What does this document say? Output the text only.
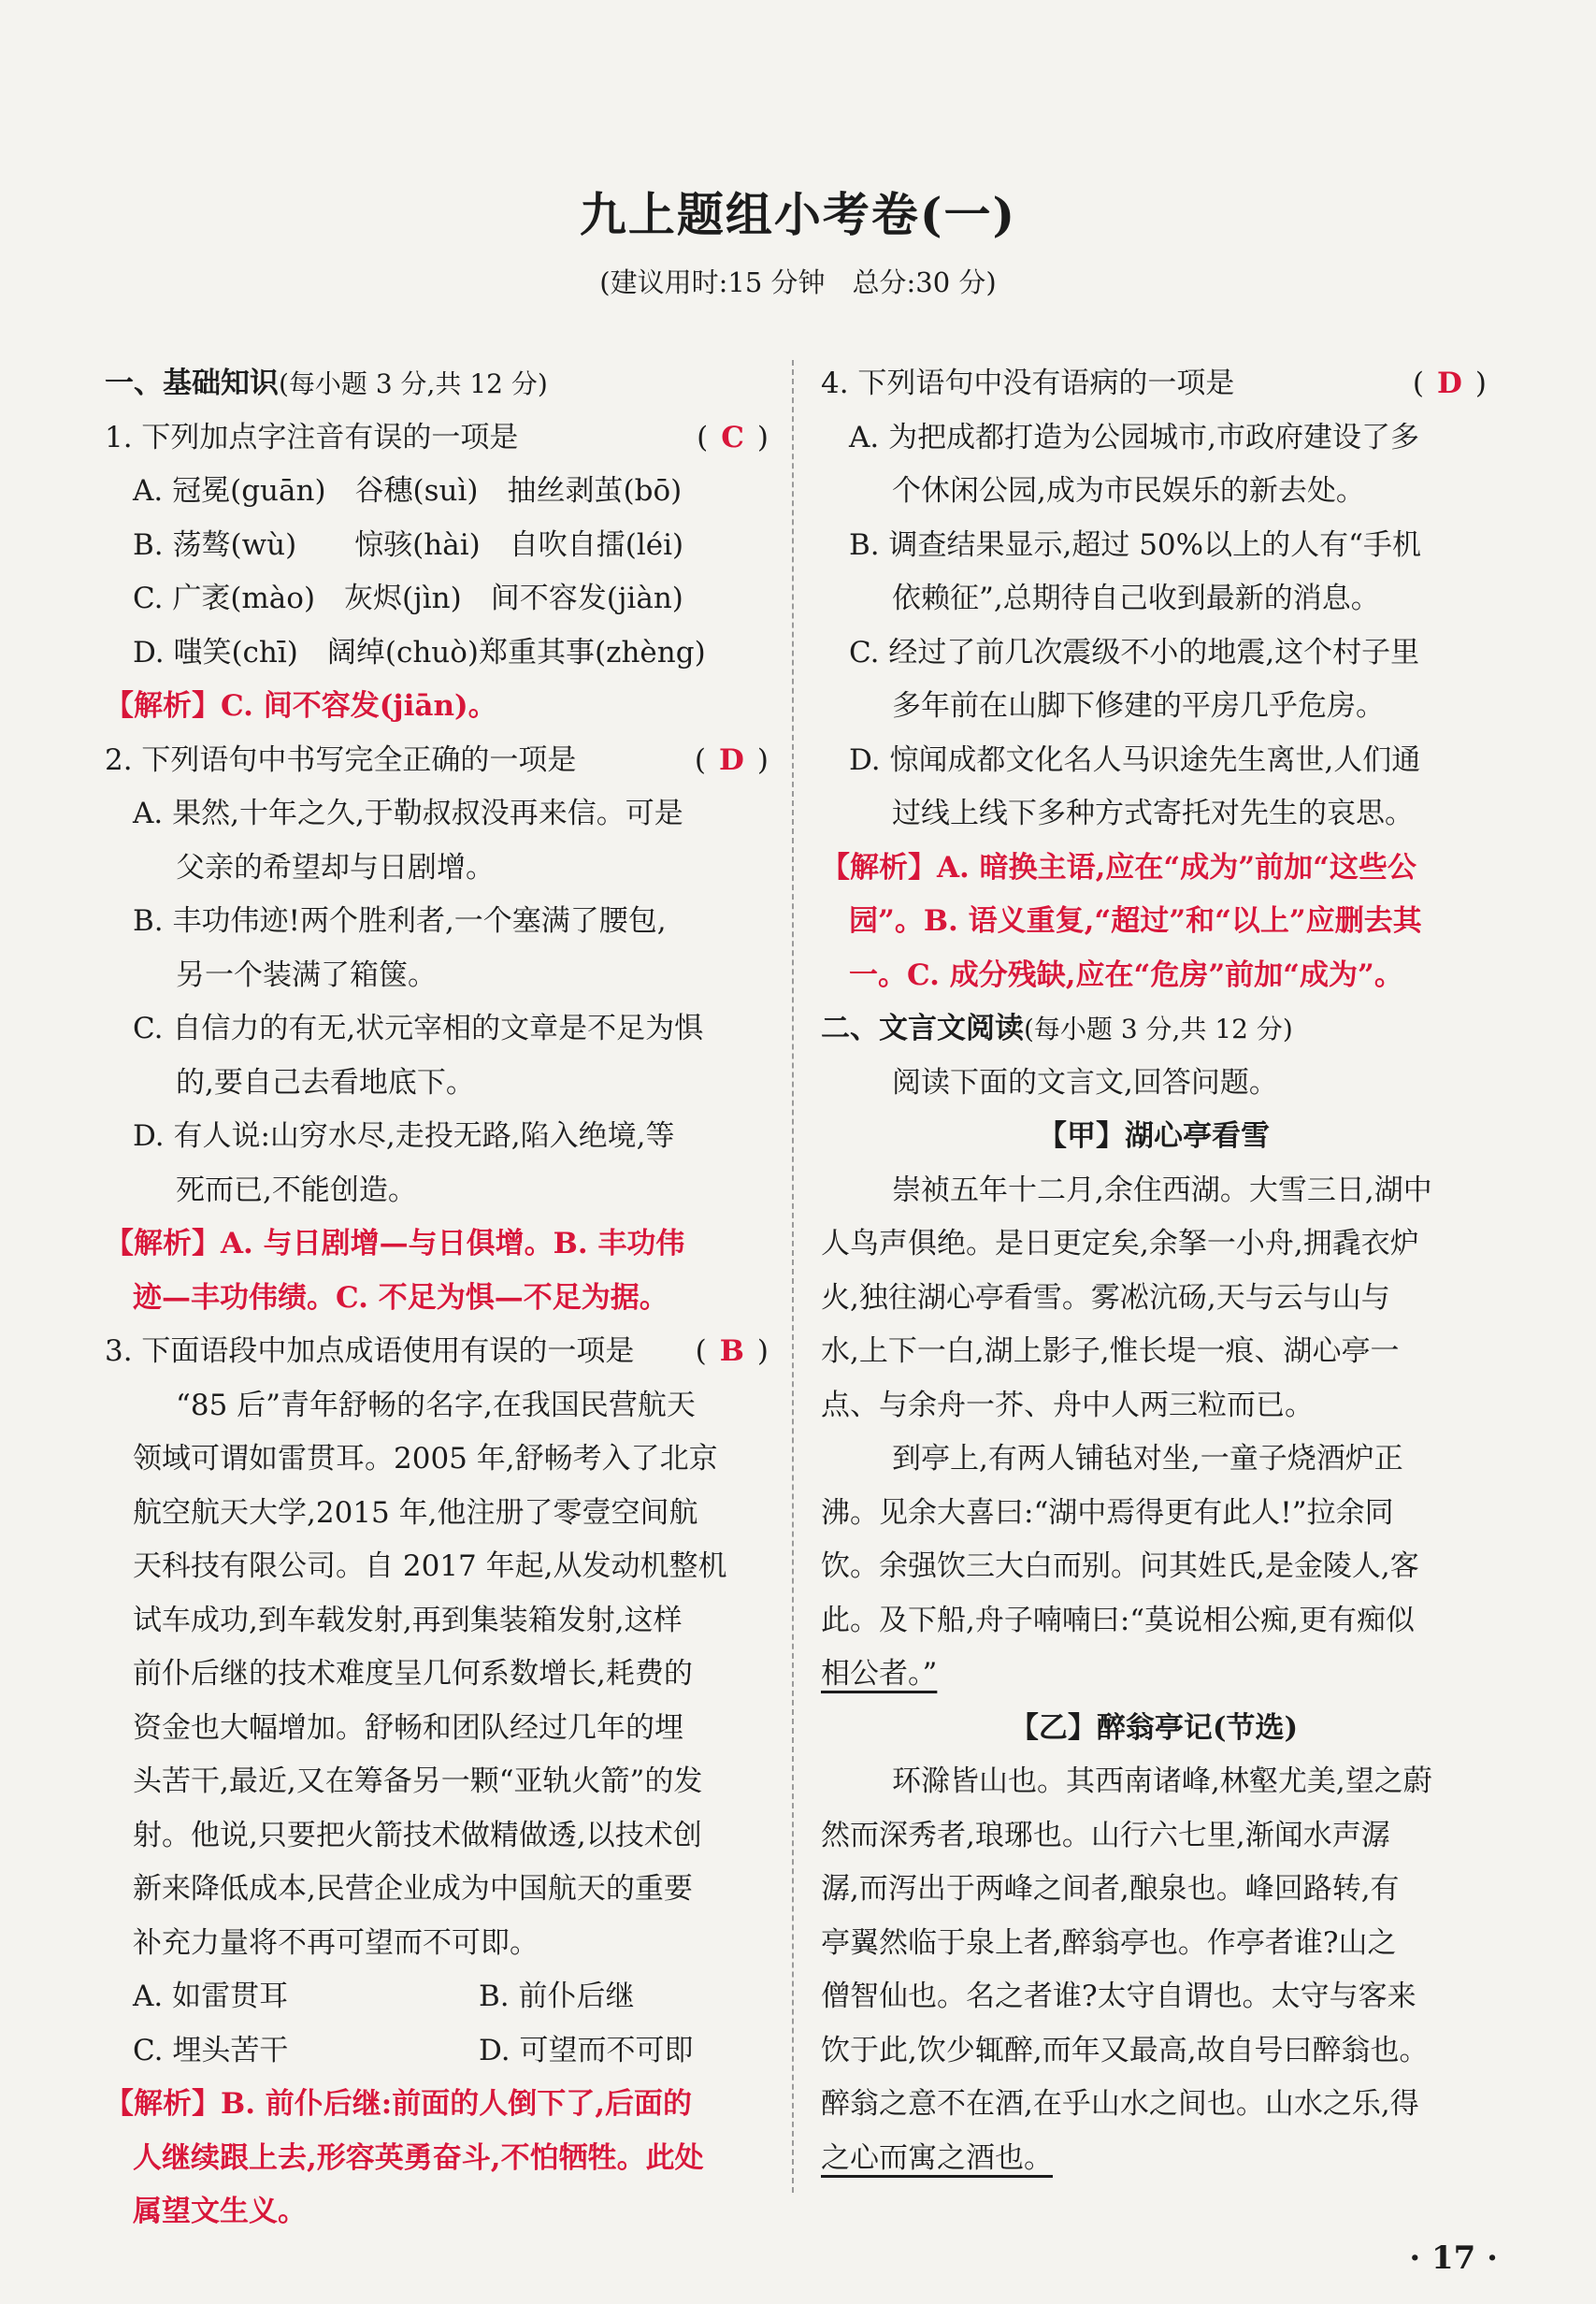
九上题组小考卷(一)
(建议用时:15 分钟　总分:30 分)
一、基础知识(每小题 3 分,共 12 分)
1. 下列加点字注音有误的一项是	( C )
A. 冠冕(guān)　谷穗(suì)　抽丝剥茧(bō)
B. 荡骜(wù)　　惊骇(hài)　自吹自擂(léi)
C. 广袤(mào)　灰烬(jìn)　间不容发(jiàn)
D. 嗤笑(chī)　阔绰(chuò)郑重其事(zhèng)
【解析】C. 间不容发(jiān)。
2. 下列语句中书写完全正确的一项是	( D )
A. 果然,十年之久,于勒叔叔没再来信。可是
父亲的希望却与日剧增。
B. 丰功伟迹!两个胜利者,一个塞满了腰包,
另一个装满了箱箧。
C. 自信力的有无,状元宰相的文章是不足为惧
的,要自己去看地底下。
D. 有人说:山穷水尽,走投无路,陷入绝境,等
死而已,不能创造。
【解析】A. 与日剧增—与日俱增。B. 丰功伟
迹—丰功伟绩。C. 不足为惧—不足为据。
3. 下面语段中加点成语使用有误的一项是 ( B )
“85 后”青年舒畅的名字,在我国民营航天
领域可谓如雷贯耳。2005 年,舒畅考入了北京
航空航天大学,2015 年,他注册了零壹空间航
天科技有限公司。自 2017 年起,从发动机整机
试车成功,到车载发射,再到集装箱发射,这样
前仆后继的技术难度呈几何系数增长,耗费的
资金也大幅增加。舒畅和团队经过几年的埋
头苦干,最近,又在筹备另一颗“亚轨火箭”的发
射。他说,只要把火箭技术做精做透,以技术创
新来降低成本,民营企业成为中国航天的重要
补充力量将不再可望而不可即。
A. 如雷贯耳	B. 前仆后继
C. 埋头苦干	D. 可望而不可即
【解析】B. 前仆后继:前面的人倒下了,后面的
人继续跟上去,形容英勇奋斗,不怕牺牲。此处
属望文生义。
4. 下列语句中没有语病的一项是	( D )
A. 为把成都打造为公园城市,市政府建设了多
个休闲公园,成为市民娱乐的新去处。
B. 调查结果显示,超过 50%以上的人有“手机
依赖征”,总期待自己收到最新的消息。
C. 经过了前几次震级不小的地震,这个村子里
多年前在山脚下修建的平房几乎危房。
D. 惊闻成都文化名人马识途先生离世,人们通
过线上线下多种方式寄托对先生的哀思。
【解析】A. 暗换主语,应在“成为”前加“这些公
园”。B. 语义重复,“超过”和“以上”应删去其
一。C. 成分残缺,应在“危房”前加“成为”。
二、文言文阅读(每小题 3 分,共 12 分)
阅读下面的文言文,回答问题。
【甲】湖心亭看雪
崇祯五年十二月,余住西湖。大雪三日,湖中
人鸟声俱绝。是日更定矣,余拏一小舟,拥毳衣炉
火,独往湖心亭看雪。雾凇沆砀,天与云与山与
水,上下一白,湖上影子,惟长堤一痕、湖心亭一
点、与余舟一芥、舟中人两三粒而已。
到亭上,有两人铺毡对坐,一童子烧酒炉正
沸。见余大喜曰:“湖中焉得更有此人!”拉余同
饮。余强饮三大白而别。问其姓氏,是金陵人,客
此。及下船,舟子喃喃曰:“莫说相公痴,更有痴似
相公者。”
【乙】醉翁亭记(节选)
环滁皆山也。其西南诸峰,林壑尤美,望之蔚
然而深秀者,琅琊也。山行六七里,渐闻水声潺
潺,而泻出于两峰之间者,酿泉也。峰回路转,有
亭翼然临于泉上者,醉翁亭也。作亭者谁?山之
僧智仙也。名之者谁?太守自谓也。太守与客来
饮于此,饮少辄醉,而年又最高,故自号曰醉翁也。
醉翁之意不在酒,在乎山水之间也。山水之乐,得
之心而寓之酒也。
· 17 ·
